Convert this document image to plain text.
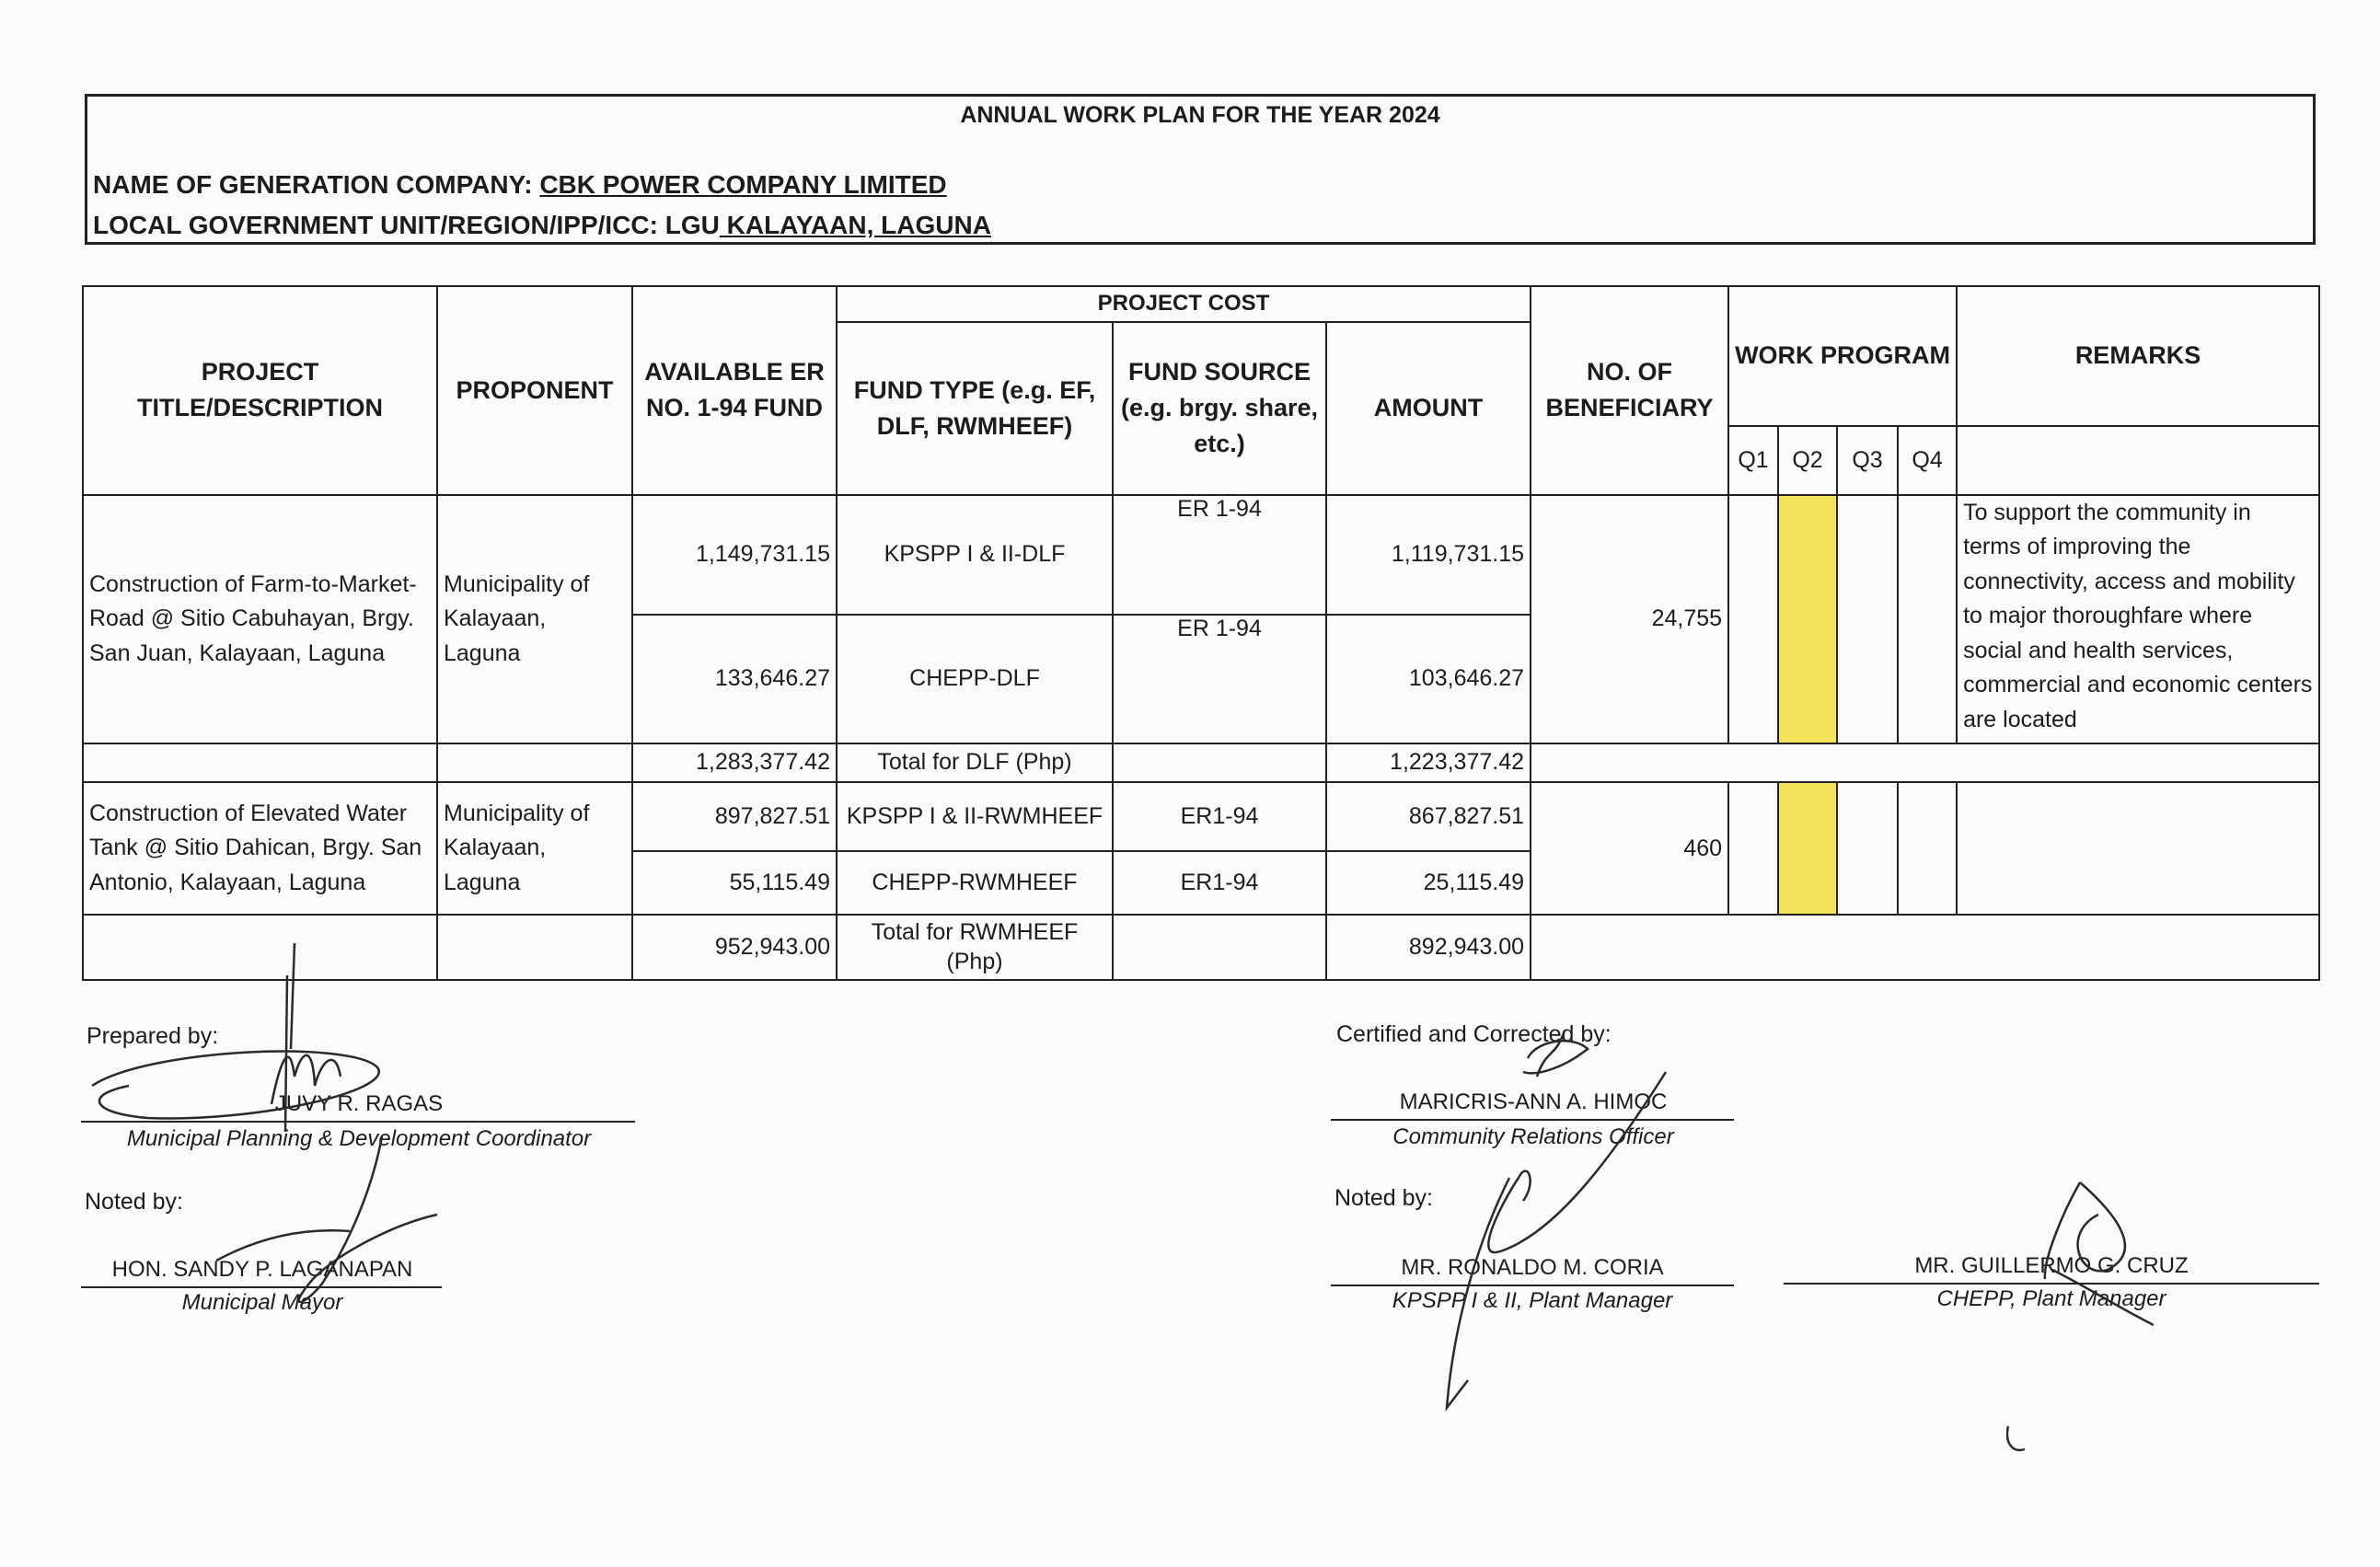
ANNUAL WORK PLAN FOR THE YEAR 2024
NAME OF GENERATION COMPANY: CBK POWER COMPANY LIMITED
LOCAL GOVERNMENT UNIT/REGION/IPP/ICC: LGU KALAYAAN, LAGUNA
PROJECT TITLE/DESCRIPTION	PROPONENT	AVAILABLE ER NO. 1-94 FUND	PROJECT COST			NO. OF BENEFICIARY	WORK PROGRAM				REMARKS
			FUND TYPE (e.g. EF, DLF, RWMHEEF)	FUND SOURCE (e.g. brgy. share, etc.)	AMOUNT						
							Q1	Q2	Q3	Q4	
Construction of Farm-to-Market-Road @ Sitio Cabuhayan, Brgy. San Juan, Kalayaan, Laguna	Municipality of Kalayaan, Laguna	1,149,731.15	KPSPP I & II-DLF	ER 1-94	1,119,731.15	24,755					To support the community in terms of improving the connectivity, access and mobility to major thoroughfare where social and health services, commercial and economic centers are located
		133,646.27	CHEPP-DLF	ER 1-94	103,646.27						
		1,283,377.42	Total for DLF (Php)		1,223,377.42						
Construction of Elevated Water Tank @ Sitio Dahican, Brgy. San Antonio, Kalayaan, Laguna	Municipality of Kalayaan, Laguna	897,827.51	KPSPP I & II-RWMHEEF	ER1-94	867,827.51	460					
		55,115.49	CHEPP-RWMHEEF	ER1-94	25,115.49						
		952,943.00	Total for RWMHEEF (Php)		892,943.00						
Prepared by:
JUVY R. RAGAS
Municipal Planning & Development Coordinator
Noted by:
HON. SANDY P. LAGANAPAN
Municipal Mayor
Certified and Corrected by:
MARICRIS-ANN A. HIMOC
Community Relations Officer
Noted by:
MR. RONALDO M. CORIA
KPSPP I & II, Plant Manager
MR. GUILLERMO G. CRUZ
CHEPP, Plant Manager
